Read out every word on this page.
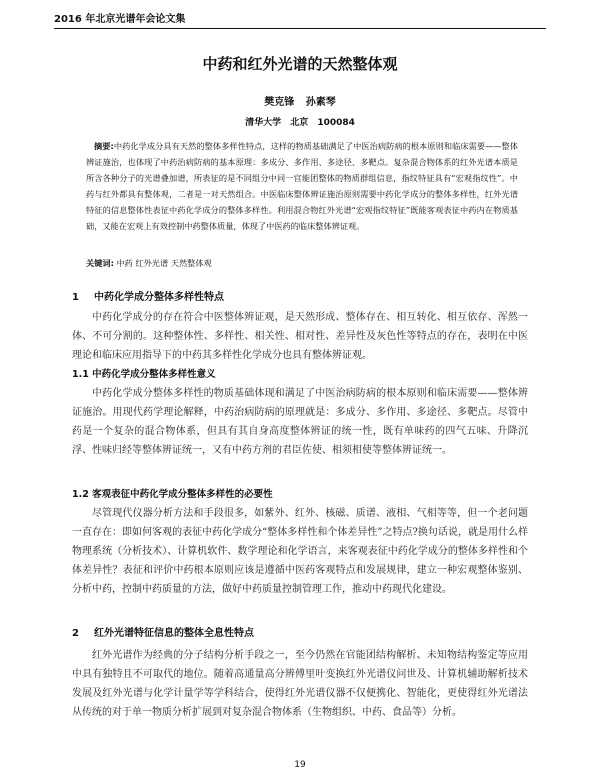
2016 年北京光谱年会论文集
中药和红外光谱的天然整体观
樊克锋 孙素琴
清华大学 北京 100084

摘要:中药化学成分具有天然的整体多样性特点，这样的物质基础满足了中医治病防病的根本原则和临床需要——整体辨证施治，也体现了中药治病防病的基本原理：多成分、多作用、多途径、多靶点。复杂混合物体系的红外光谱本质是所含各种分子的光谱叠加谱，所表征的是不同组分中同一官能团整体的物质群组信息，指纹特征具有“宏观指纹性”。中药与红外都具有整体观，二者是一对天然组合。中医临床整体辨证施治原则需要中药化学成分的整体多样性，红外光谱特征的信息整体性表征中药化学成分的整体多样性。利用混合物红外光谱“宏观指纹特征”既能客观表征中药内在物质基础，又能在宏观上有效控制中药整体质量，体现了中医药的临床整体辨证观。

关键词: 中药 红外光谱 天然整体观

1 中药化学成分整体多样性特点

中药化学成分的存在符合中医整体辨证观，是天然形成、整体存在、相互转化、相互依存、浑然一体、不可分割的。这种整体性、多样性、相关性、相对性、差异性及灰色性等特点的存在，表明在中医理论和临床应用指导下的中药其多样性化学成分也具有整体辨证观。

1.1 中药化学成分整体多样性意义

中药化学成分整体多样性的物质基础体现和满足了中医治病防病的根本原则和临床需要——整体辨证施治。用现代药学理论解释，中药治病防病的原理就是：多成分、多作用、多途径、多靶点。尽管中药是一个复杂的混合物体系，但具有其自身高度整体辨证的统一性，既有单味药的四气五味、升降沉浮、性味归经等整体辨证统一，又有中药方剂的君臣佐使、相须相使等整体辨证统一。

1.2 客观表征中药化学成分整体多样性的必要性

尽管现代仪器分析方法和手段很多，如紫外、红外、核磁、质谱、液相、气相等等，但一个老问题一直存在：即如何客观的表征中药化学成分“整体多样性和个体差异性”之特点?换句话说，就是用什么样物理系统（分析技术）、计算机软件、数学理论和化学语言，来客观表征中药化学成分的整体多样性和个体差异性？表征和评价中药根本原则应该是遵循中医药客观特点和发展规律，建立一种宏观整体鉴别、分析中药，控制中药质量的方法，做好中药质量控制管理工作，推动中药现代化建设。

2 红外光谱特征信息的整体全息性特点

红外光谱作为经典的分子结构分析手段之一，至今仍然在官能团结构解析、未知物结构鉴定等应用中具有独特且不可取代的地位。随着高通量高分辨傅里叶变换红外光谱仪问世及、计算机辅助解析技术发展及红外光谱与化学计量学等学科结合，使得红外光谱仪器不仅便携化、智能化，更使得红外光谱法从传统的对于单一物质分析扩展到对复杂混合物体系（生物组织、中药、食品等）分析。

19
